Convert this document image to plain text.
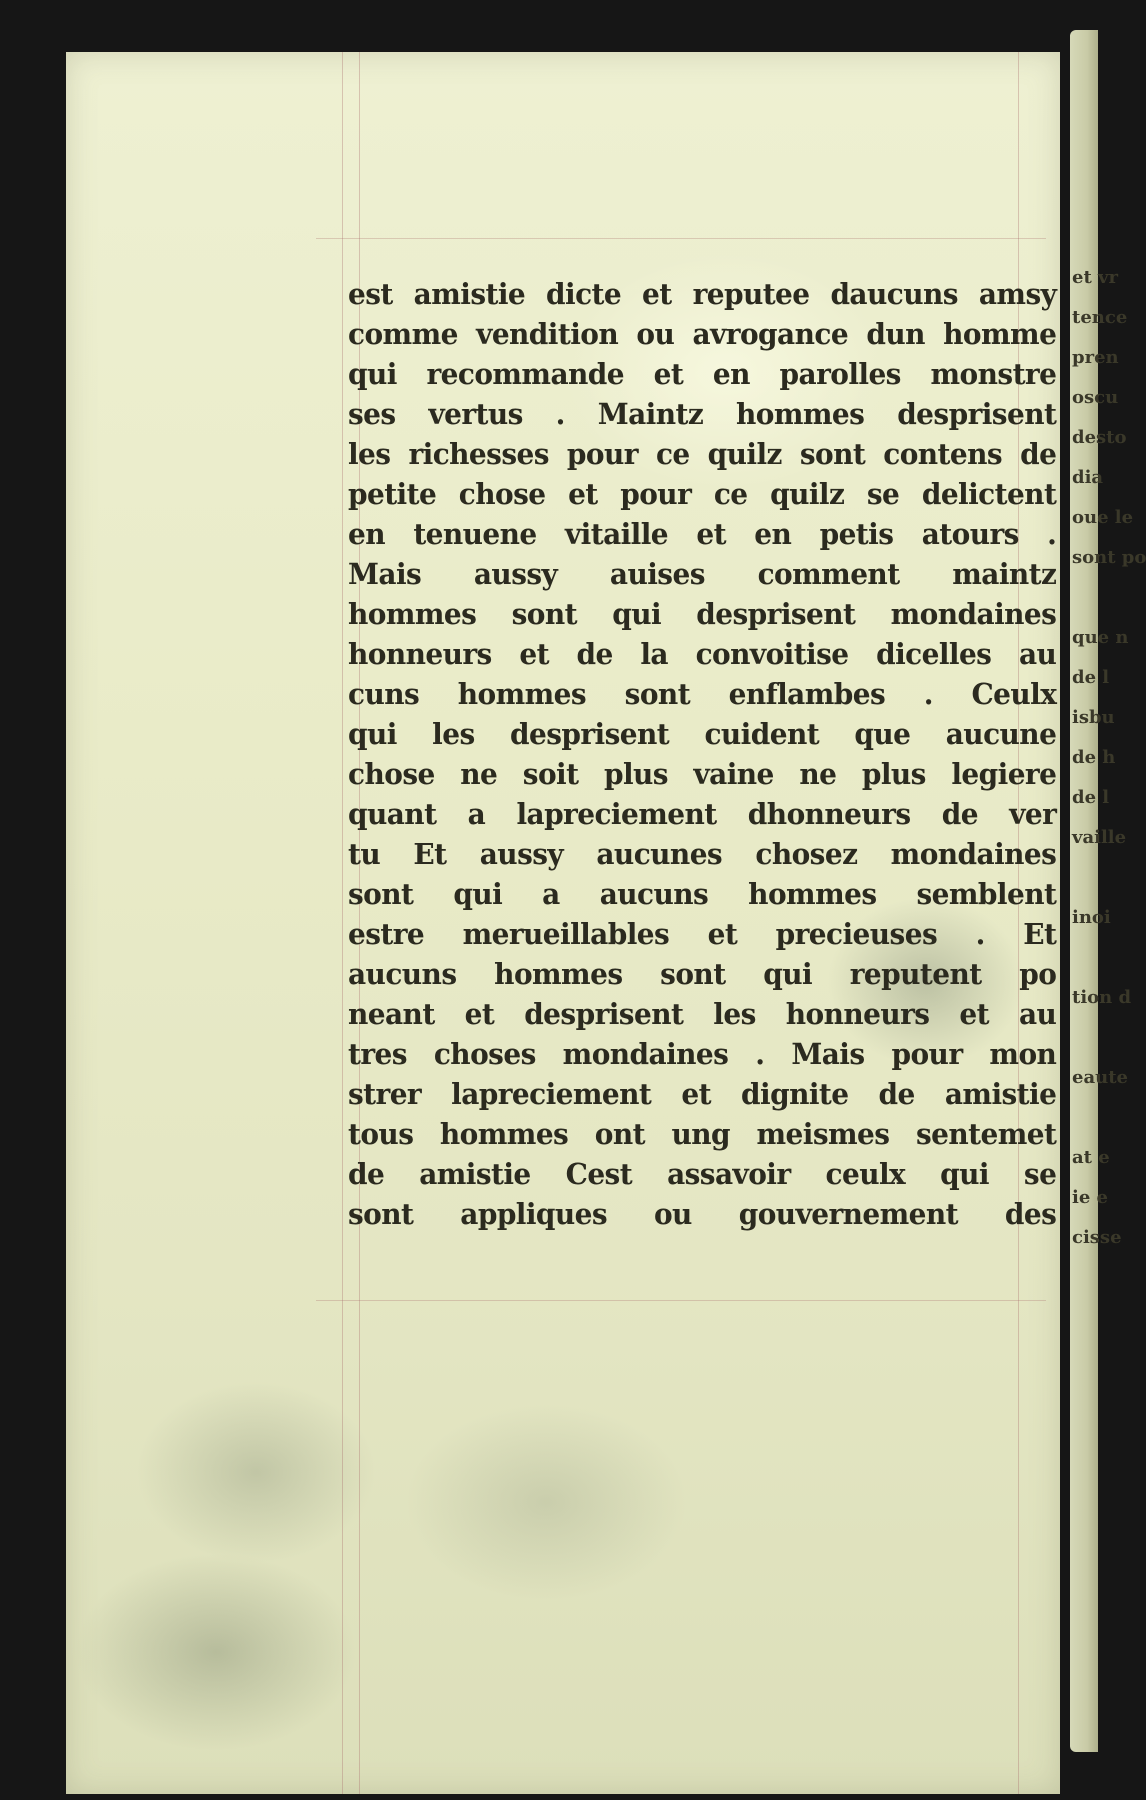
est amistie dicte et reputee daucuns amsy
comme vendition ou avrogance dun homme
qui recommande et en parolles monstre
ses vertus . Maintz hommes desprisent
les richesses pour ce quilz sont contens de
petite chose et pour ce quilz se delictent
en tenuene vitaille et en petis atours .
Mais aussy auises comment maintz
hommes sont qui desprisent mondaines
honneurs et de la convoitise dicelles au
cuns hommes sont enflambes . Ceulx
qui les desprisent cuident que aucune
chose ne soit plus vaine ne plus legiere
quant a lapreciement dhonneurs de ver
tu Et aussy aucunes chosez mondaines
sont qui a aucuns hommes semblent
estre merueillables et precieuses . Et
aucuns hommes sont qui reputent po
neant et desprisent les honneurs et au
tres choses mondaines . Mais pour mon
strer lapreciement et dignite de amistie
tous hommes ont ung meismes sentemet
de amistie Cest assavoir ceulx qui se
sont appliques ou gouvernement des
et vr
tence
pren
oscu
desto
dia
oue le
sont po
que n
de l
isbu
de h
de l
vaille
inoi
tion d
eaute
at e
ie e
cisse
